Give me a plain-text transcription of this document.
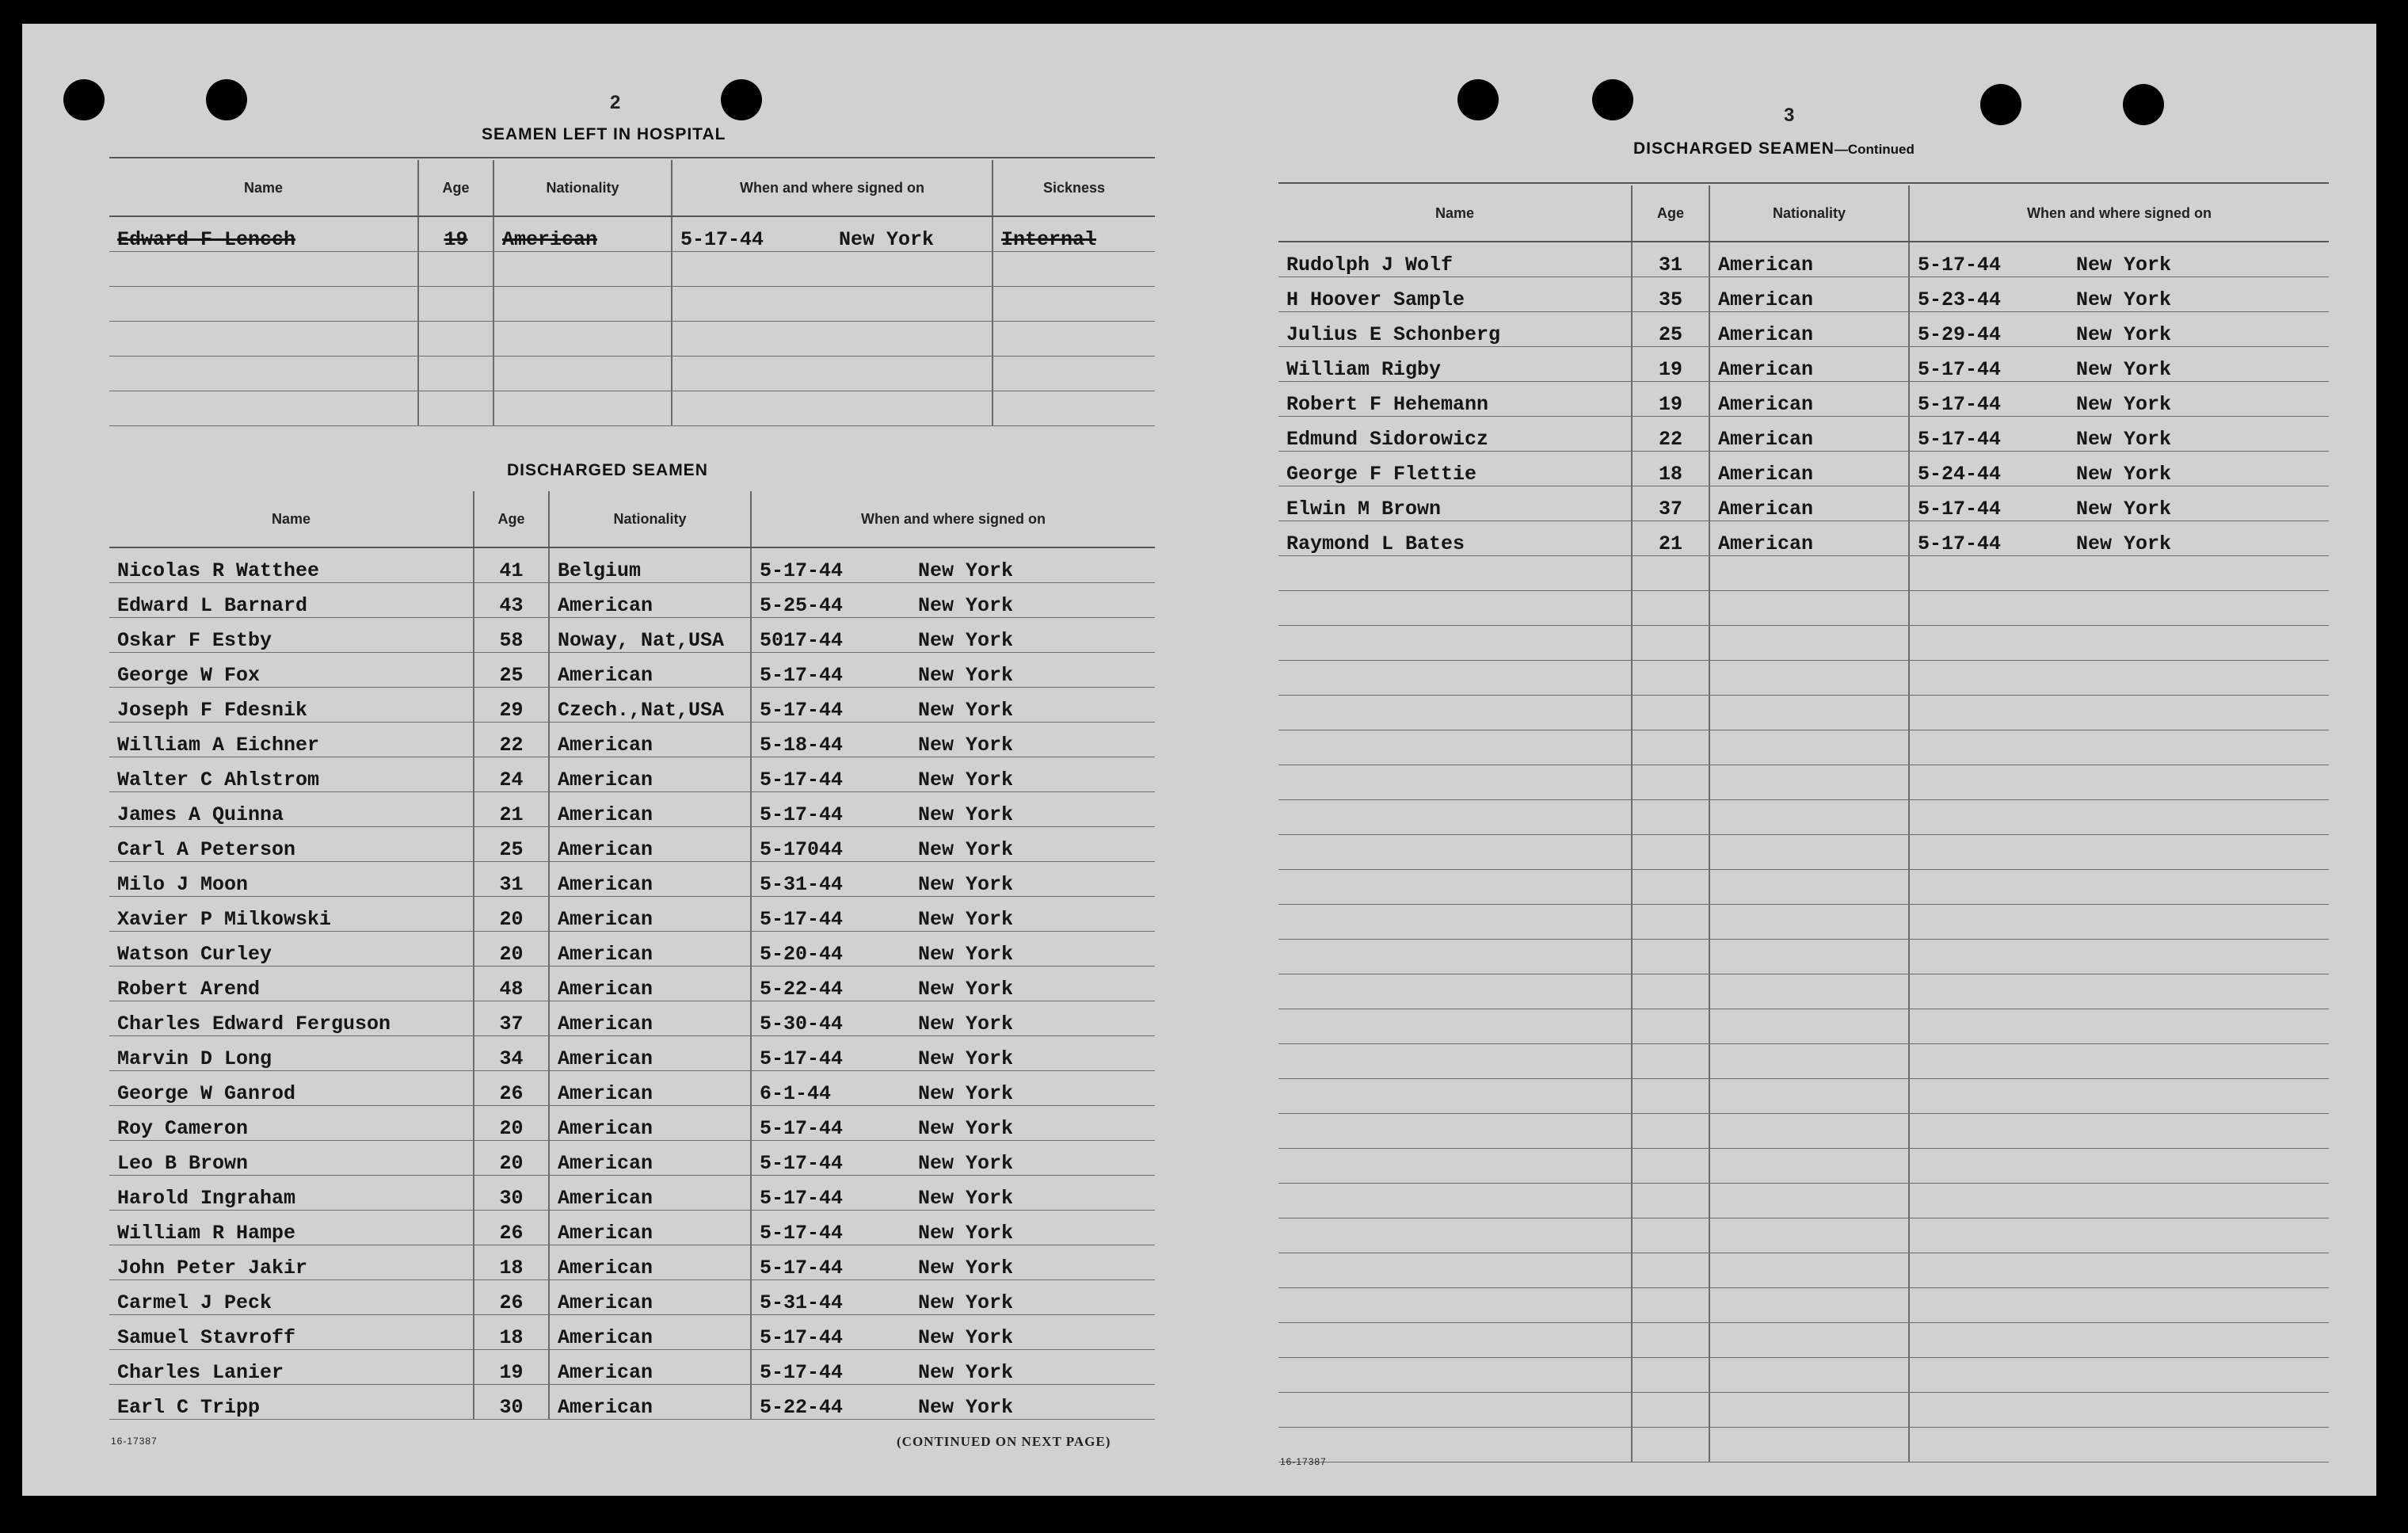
2
SEAMEN LEFT IN HOSPITAL
Name	Age	Nationality	When and where signed on	Sickness
Edward F Lencch	19	American	5-17-44 New York	Internal

DISCHARGED SEAMEN
Name	Age	Nationality	When and where signed on
Nicolas R Watthee	41	Belgium	5-17-44 New York
Edward L Barnard	43	American	5-25-44 New York
Oskar F Estby	58	Noway, Nat,USA	5017-44 New York
George W Fox	25	American	5-17-44 New York
Joseph F Fdesnik	29	Czech.,Nat,USA	5-17-44 New York
William A Eichner	22	American	5-18-44 New York
Walter C Ahlstrom	24	American	5-17-44 New York
James A Quinna	21	American	5-17-44 New York
Carl A Peterson	25	American	5-17044 New York
Milo J Moon	31	American	5-31-44 New York
Xavier P Milkowski	20	American	5-17-44 New York
Watson Curley	20	American	5-20-44 New York
Robert Arend	48	American	5-22-44 New York
Charles Edward Ferguson	37	American	5-30-44 New York
Marvin D Long	34	American	5-17-44 New York
George W Ganrod	26	American	6-1-44 New York
Roy Cameron	20	American	5-17-44 New York
Leo B Brown	20	American	5-17-44 New York
Harold Ingraham	30	American	5-17-44 New York
William R Hampe	26	American	5-17-44 New York
John Peter Jakir	18	American	5-17-44 New York
Carmel J Peck	26	American	5-31-44 New York
Samuel Stavroff	18	American	5-17-44 New York
Charles Lanier	19	American	5-17-44 New York
Earl C Tripp	30	American	5-22-44 New York
16-17387	(CONTINUED ON NEXT PAGE)
3
DISCHARGED SEAMEN—Continued
Name	Age	Nationality	When and where signed on
Rudolph J Wolf	31	American	5-17-44 New York
H Hoover Sample	35	American	5-23-44 New York
Julius E Schonberg	25	American	5-29-44 New York
William Rigby	19	American	5-17-44 New York
Robert F Hehemann	19	American	5-17-44 New York
Edmund Sidorowicz	22	American	5-17-44 New York
George F Flettie	18	American	5-24-44 New York
Elwin M Brown	37	American	5-17-44 New York
Raymond L Bates	21	American	5-17-44 New York

16-17387
